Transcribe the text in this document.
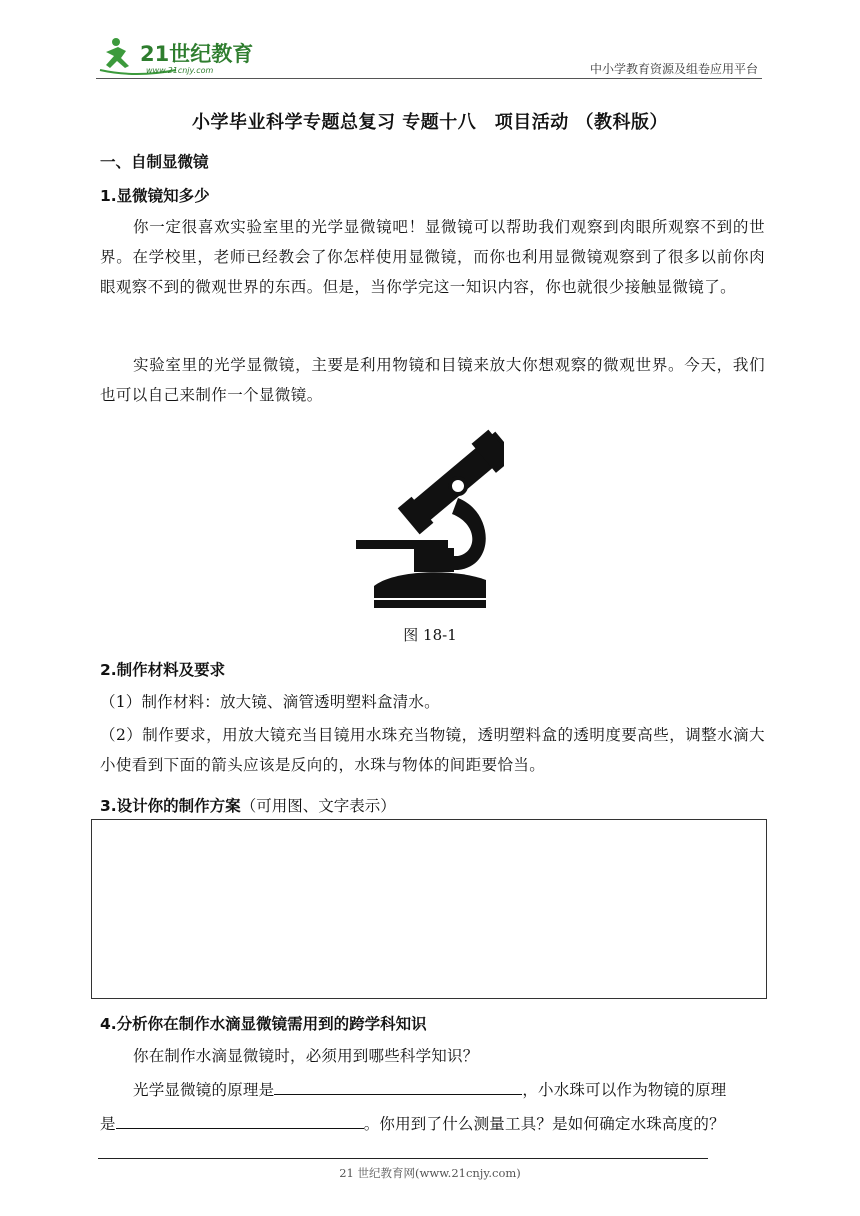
21世纪教育
www.21cnjy.com	中小学教育资源及组卷应用平台
小学毕业科学专题总复习 专题十八　项目活动 （教科版）
一、自制显微镜
1.显微镜知多少
你一定很喜欢实验室里的光学显微镜吧！显微镜可以帮助我们观察到肉眼所观察不到的世界。在学校里，老师已经教会了你怎样使用显微镜，而你也利用显微镜观察到了很多以前你肉眼观察不到的微观世界的东西。但是，当你学完这一知识内容，你也就很少接触显微镜了。
实验室里的光学显微镜，主要是利用物镜和目镜来放大你想观察的微观世界。今天，我们也可以自己来制作一个显微镜。
图 18-1
2.制作材料及要求
（1）制作材料：放大镜、滴管透明塑料盒清水。
（2）制作要求，用放大镜充当目镜用水珠充当物镜，透明塑料盒的透明度要高些，调整水滴大小使看到下面的箭头应该是反向的，水珠与物体的间距要恰当。
3.设计你的制作方案（可用图、文字表示）
4.分析你在制作水滴显微镜需用到的跨学科知识
你在制作水滴显微镜时，必须用到哪些科学知识？
光学显微镜的原理是	，小水珠可以作为物镜的原理
是	。你用到了什么测量工具？是如何确定水珠高度的？
21 世纪教育网(www.21cnjy.com)
